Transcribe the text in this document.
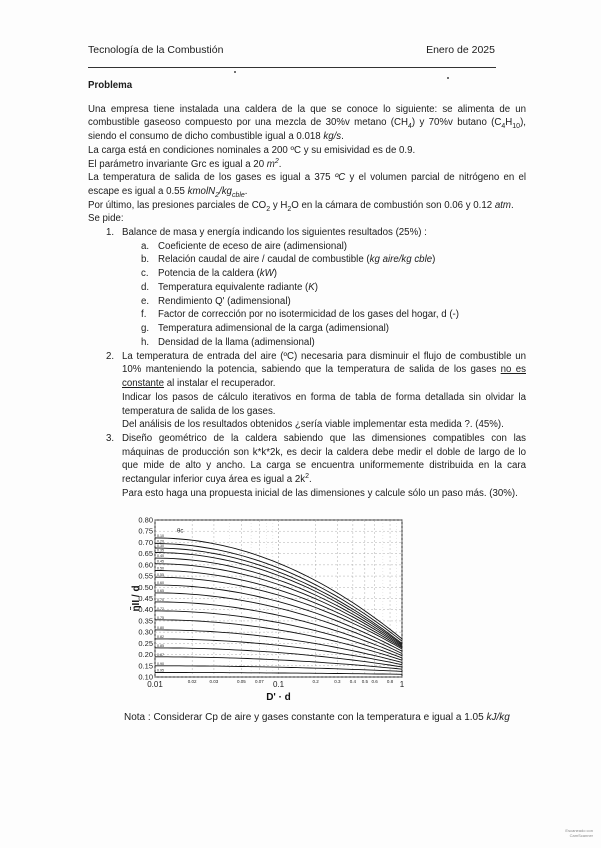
Tecnología de la Combustión	Enero de 2025
Problema

Una empresa tiene instalada una caldera de la que se conoce lo siguiente: se alimenta de un combustible gaseoso compuesto por una mezcla de 30%v metano $(CH_4)$ y 70%v butano $(C_4H_{10})$, siendo el consumo de dicho combustible igual a 0.018 kg/s.

La carga está en condiciones nominales a 200 ºC y su emisividad es de 0.9.

El parámetro invariante Grc es igual a 20 $m^2$.

La temperatura de salida de los gases es igual a 375 ºC y el volumen parcial de nitrógeno en el escape es igual a 0.55 $kmolN_2/kg_{cble}$.

Por último, las presiones parciales de $CO_2$ y $H_2O$ en la cámara de combustión son 0.06 y 0.12 atm.

Se pide:

1. Balance de masa y energía indicando los siguientes resultados (25%) :
a. Coeficiente de eceso de aire (adimensional)
b. Relación caudal de aire / caudal de combustible (kg aire/kg cble)
c. Potencia de la caldera (kW)
d. Temperatura equivalente radiante (K)
e. Rendimiento Q' (adimensional)
f. Factor de corrección por no isotermicidad de los gases del hogar, d (-)
g. Temperatura adimensional de la carga (adimensional)
h. Densidad de la llama (adimensional)
2. La temperatura de entrada del aire (ºC) necesaria para disminuir el flujo de combustible un 10% manteniendo la potencia, sabiendo que la temperatura de salida de los gases no es constante al instalar el recuperador.
Indicar los pasos de cálculo iterativos en forma de tabla de forma detallada sin olvidar la temperatura de salida de los gases.
Del análisis de los resultados obtenidos ¿sería viable implementar esta medida ?. (45%).
3. Diseño geométrico de la caldera sabiendo que las dimensiones compatibles con las máquinas de producción son k*k*2k, es decir la caldera debe medir el doble de largo de lo que mide de alto y ancho. La carga se encuentra uniformemente distribuida en la cara rectangular inferior cuya área es igual a $2k^2$.
Para esto haga una propuesta inicial de las dimensiones y calcule sólo un paso más. (30%).
0.10
0.15
0.20
0.25
0.30
0.35
0.40
0.45
0.50
0.55
0.60
0.65
0.70
0.75
0.80
0.01	0.02	0.03	0.05 0.07 0.1	0.2	0.3 0.4 0.5 0.6 0.8 1
0.10
0.20
0.30
0.35
0.40
0.45
0.50
0.55
0.60
0.65
0.70
0.72
0.75
0.80
0.82
0.85
0.87
0.90
0.95
θc
η̃II / d
D' · d
Nota : Considerar Cp de aire y gases constante con la temperatura e igual a 1.05 kJ/kg
Escaneado con
CamScanner
